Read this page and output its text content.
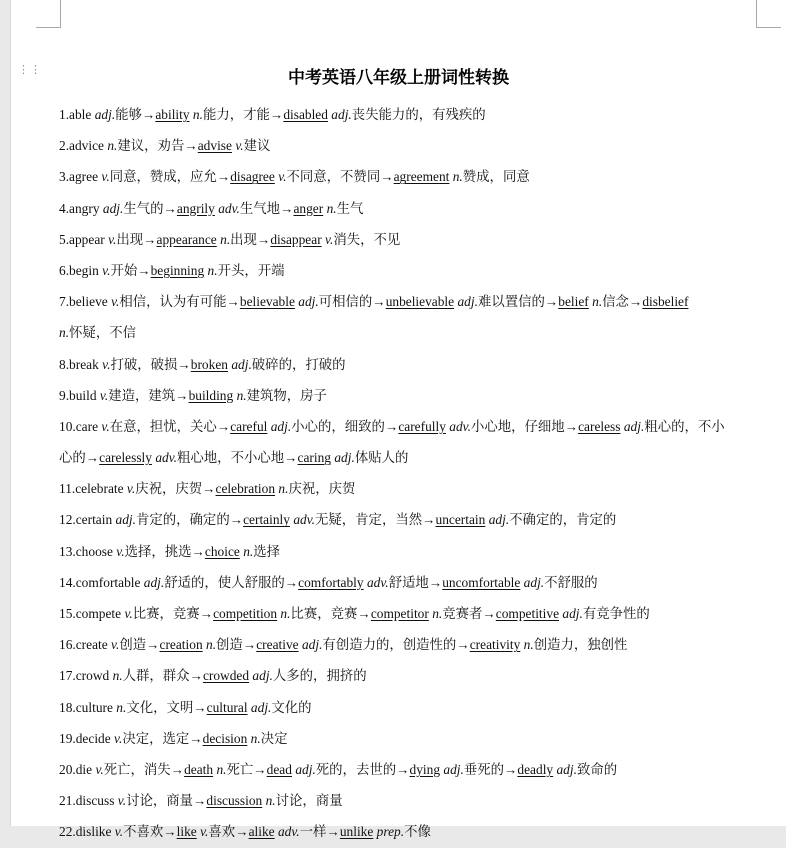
⋮⋮	中考英语八年级上册词性转换
1.able adj.能够→ability n.能力，才能→disabled adj.丧失能力的，有残疾的
2.advice n.建议，劝告→advise v.建议
3.agree v.同意，赞成，应允→disagree v.不同意，不赞同→agreement n.赞成，同意
4.angry adj.生气的→angrily adv.生气地→anger n.生气
5.appear v.出现→appearance n.出现→disappear v.消失，不见
6.begin v.开始→beginning n.开头，开端
7.believe v.相信，认为有可能→believable adj.可相信的→unbelievable adj.难以置信的→belief n.信念→disbelief
n.怀疑，不信
8.break v.打破，破损→broken adj.破碎的，打破的
9.build v.建造，建筑→building n.建筑物，房子
10.care v.在意，担忧，关心→careful adj.小心的，细致的→carefully adv.小心地，仔细地→careless adj.粗心的，不小
心的→carelessly adv.粗心地，不小心地→caring adj.体贴人的
11.celebrate v.庆祝，庆贺→celebration n.庆祝，庆贺
12.certain adj.肯定的，确定的→certainly adv.无疑，肯定，当然→uncertain adj.不确定的，肯定的
13.choose v.选择，挑选→choice n.选择
14.comfortable adj.舒适的，使人舒服的→comfortably adv.舒适地→uncomfortable adj.不舒服的
15.compete v.比赛，竞赛→competition n.比赛，竞赛→competitor n.竞赛者→competitive adj.有竞争性的
16.create v.创造→creation n.创造→creative adj.有创造力的，创造性的→creativity n.创造力，独创性
17.crowd n.人群，群众→crowded adj.人多的，拥挤的
18.culture n.文化，文明→cultural adj.文化的
19.decide v.决定，选定→decision n.决定
20.die v.死亡，消失→death n.死亡→dead adj.死的，去世的→dying adj.垂死的→deadly adj.致命的
21.discuss v.讨论，商量→discussion n.讨论，商量
22.dislike v.不喜欢→like v.喜欢→alike adv.一样→unlike prep.不像
